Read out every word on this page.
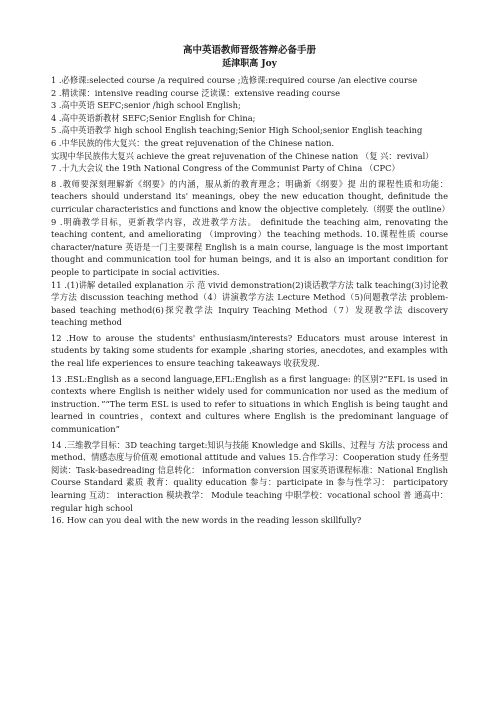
高中英语教师晋级答辩必备手册

延津职高 Joy

1 .必修课:selected course /a required course ;选修课:required course /an elective course

2 .精读课：intensive reading course 泛读课：extensive reading course

3 .高中英语 SEFC;senior /high school English;

4 .高中英语新教材 SEFC;Senior English for China;

5 .高中英语教学 high school English teaching;Senior High School;senior English teaching

6 .中华民族的伟大复兴：the great rejuvenation of the Chinese nation.

实现中华民族伟大复兴 achieve the great rejuvenation of the Chinese nation （复 兴：revival）

7 .十九大会议 the 19th National Congress of the Communist Party of China （CPC）

8 .教师要深刻理解新《纲要》的内涵，服从新的教育理念；明确新《纲要》提 出的课程性质和功能：teachers should understand its' meanings, obey the new education thought, definitude the curricular characteristics and functions and know the objective completely.（纲要 the outline）

9 .明确教学目标，更新教学内容，改进教学方法。 definitude the teaching aim, renovating the teaching content, and ameliorating （improving）the teaching methods. 10.课程性质 course character/nature 英语是一门主要课程 English is a main course, language is the most important thought and communication tool for human beings, and it is also an important condition for people to participate in social activities.

11 .(1)讲解 detailed explanation 示 范 vivid demonstration(2)谈话教学方法 talk teaching(3)讨论教学方法 discussion teaching method（4）讲演教学方法 Lecture Method（5)问题教学法 problem-based teaching method(6)探究教学法 Inquiry Teaching Method（7）发现教学法 discovery teaching method

12 .How to arouse the students' enthusiasm/interests? Educators must arouse interest in students by taking some students for example ,sharing stories, anecdotes, and examples with the real life experiences to ensure teaching takeaways 收获发现.

13 .ESL:English as a second language,EFL:English as a first language: 的区别?“EFL is used in contexts where English is neither widely used for communication nor used as the medium of instruction．”“The term ESL is used to refer to situations in which English is being taught and learned in countries，context and cultures where English is the predominant language of communication”

14 .三维教学目标：3D teaching target:知识与技能 Knowledge and Skills、过程与 方法 process and method、情感态度与价值观 emotional attitude and values 15.合作学习：Cooperation study 任务型阅读：Task-basedreading 信息转化： information conversion 国家英语课程标准：National English Course Standard 素质 教育：quality education 参与：participate in 参与性学习： participatory learning 互动： interaction 模块教学： Module teaching 中职学校：vocational school 普 通高中：regular high school

16. How can you deal with the new words in the reading lesson skillfully?
